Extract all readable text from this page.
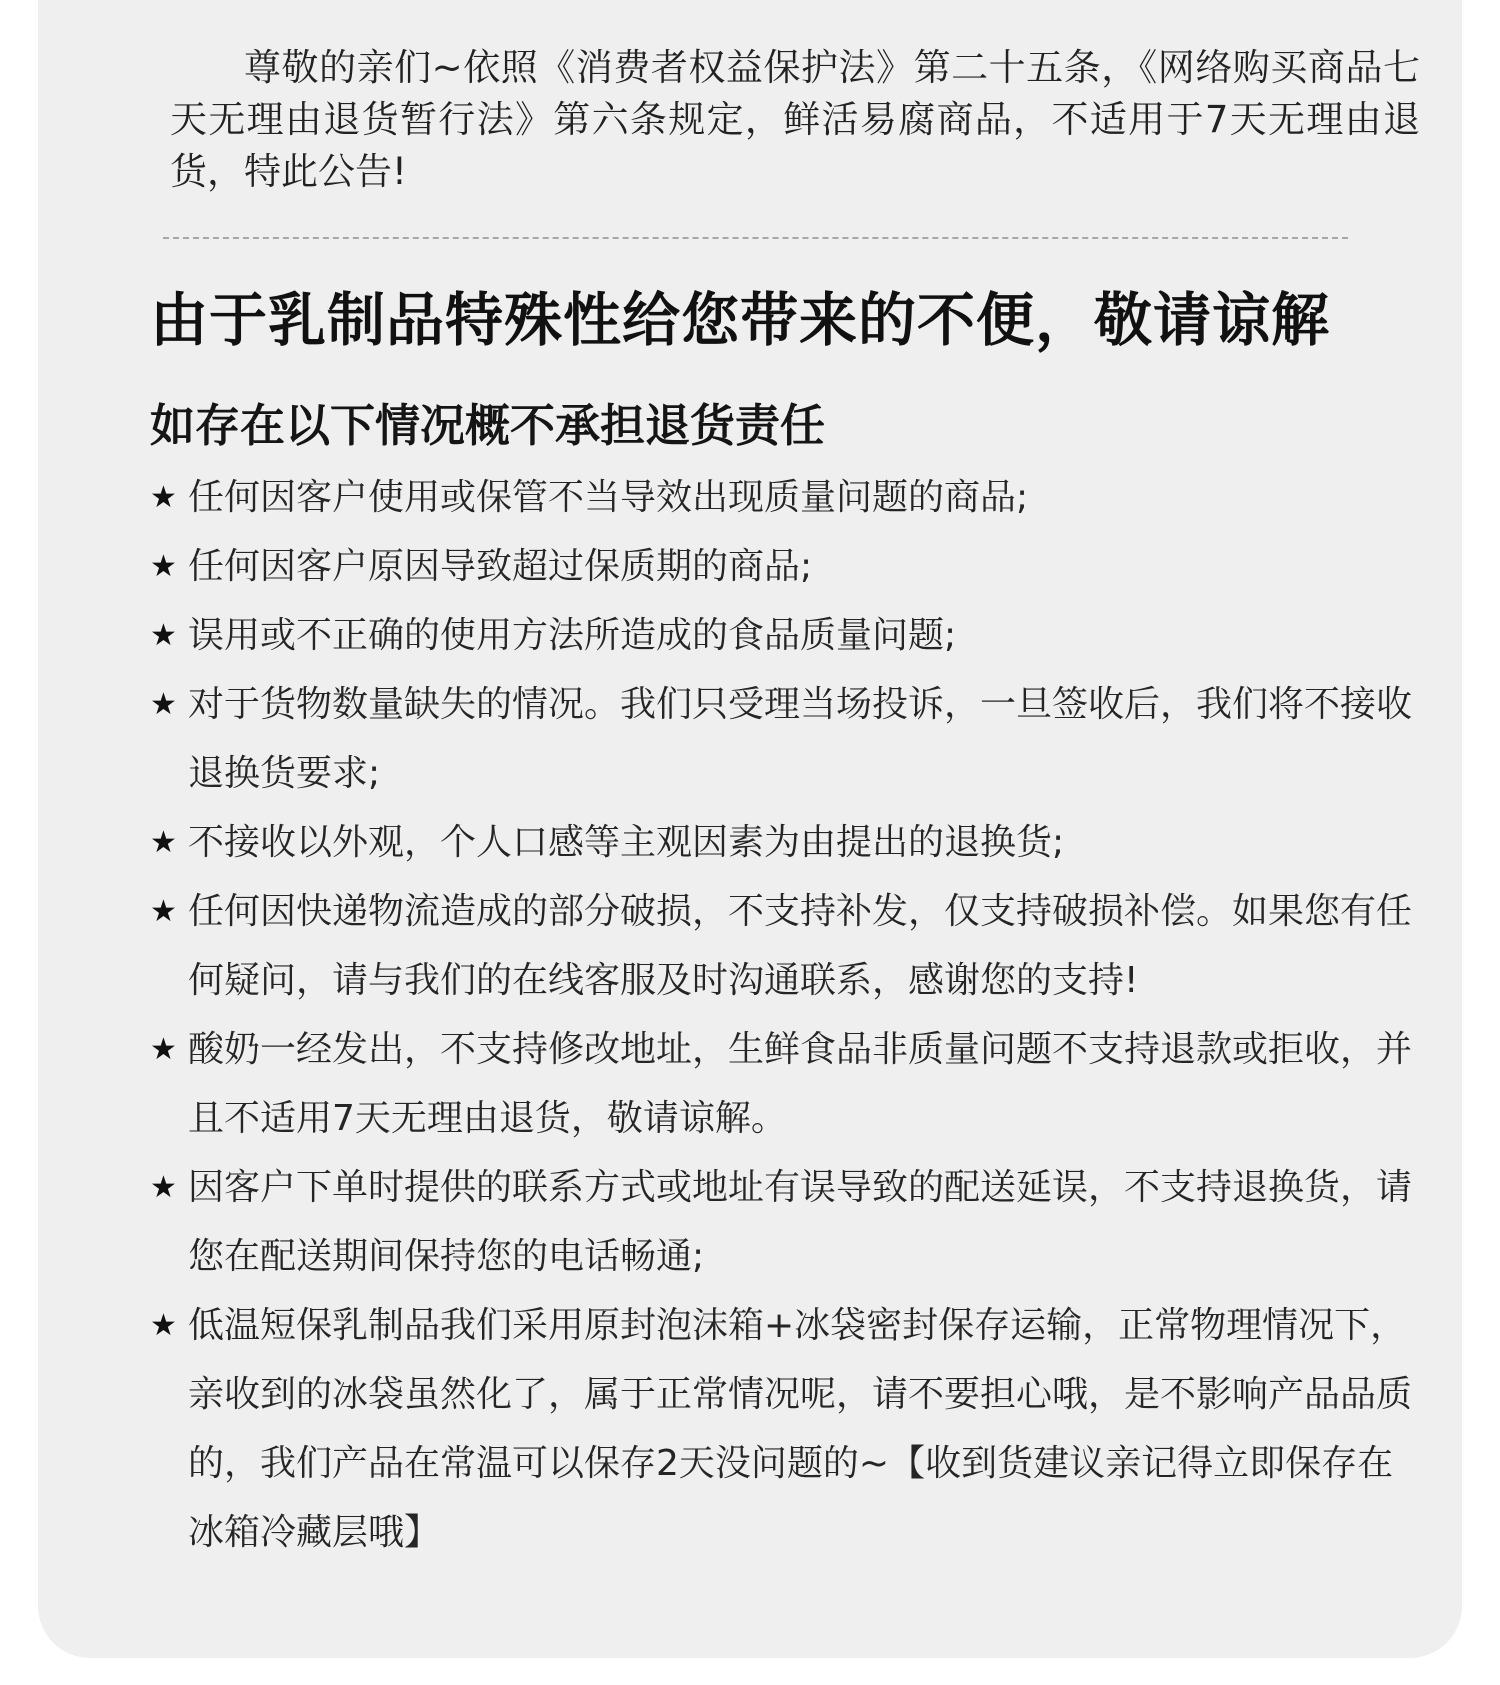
尊敬的亲们~依照《消费者权益保护法》第二十五条，《网络购买商品七天无理由退货暂行法》第六条规定，鲜活易腐商品，不适用于7天无理由退货，特此公告!

由于乳制品特殊性给您带来的不便，敬请谅解
如存在以下情况概不承担退货责任
★ 任何因客户使用或保管不当导效出现质量问题的商品;
★ 任何因客户原因导致超过保质期的商品;
★ 误用或不正确的使用方法所造成的食品质量问题;
★ 对于货物数量缺失的情况。我们只受理当场投诉，一旦签收后，我们将不接收退换货要求;
★ 不接收以外观，个人口感等主观因素为由提出的退换货;
★ 任何因快递物流造成的部分破损，不支持补发，仅支持破损补偿。如果您有任何疑问，请与我们的在线客服及时沟通联系，感谢您的支持!
★ 酸奶一经发出，不支持修改地址，生鲜食品非质量问题不支持退款或拒收，并且不适用7天无理由退货，敬请谅解。
★ 因客户下单时提供的联系方式或地址有误导致的配送延误，不支持退换货，请您在配送期间保持您的电话畅通;
★ 低温短保乳制品我们采用原封泡沫箱+冰袋密封保存运输，正常物理情况下，亲收到的冰袋虽然化了，属于正常情况呢，请不要担心哦，是不影响产品品质的，我们产品在常温可以保存2天没问题的~【收到货建议亲记得立即保存在冰箱冷藏层哦】
